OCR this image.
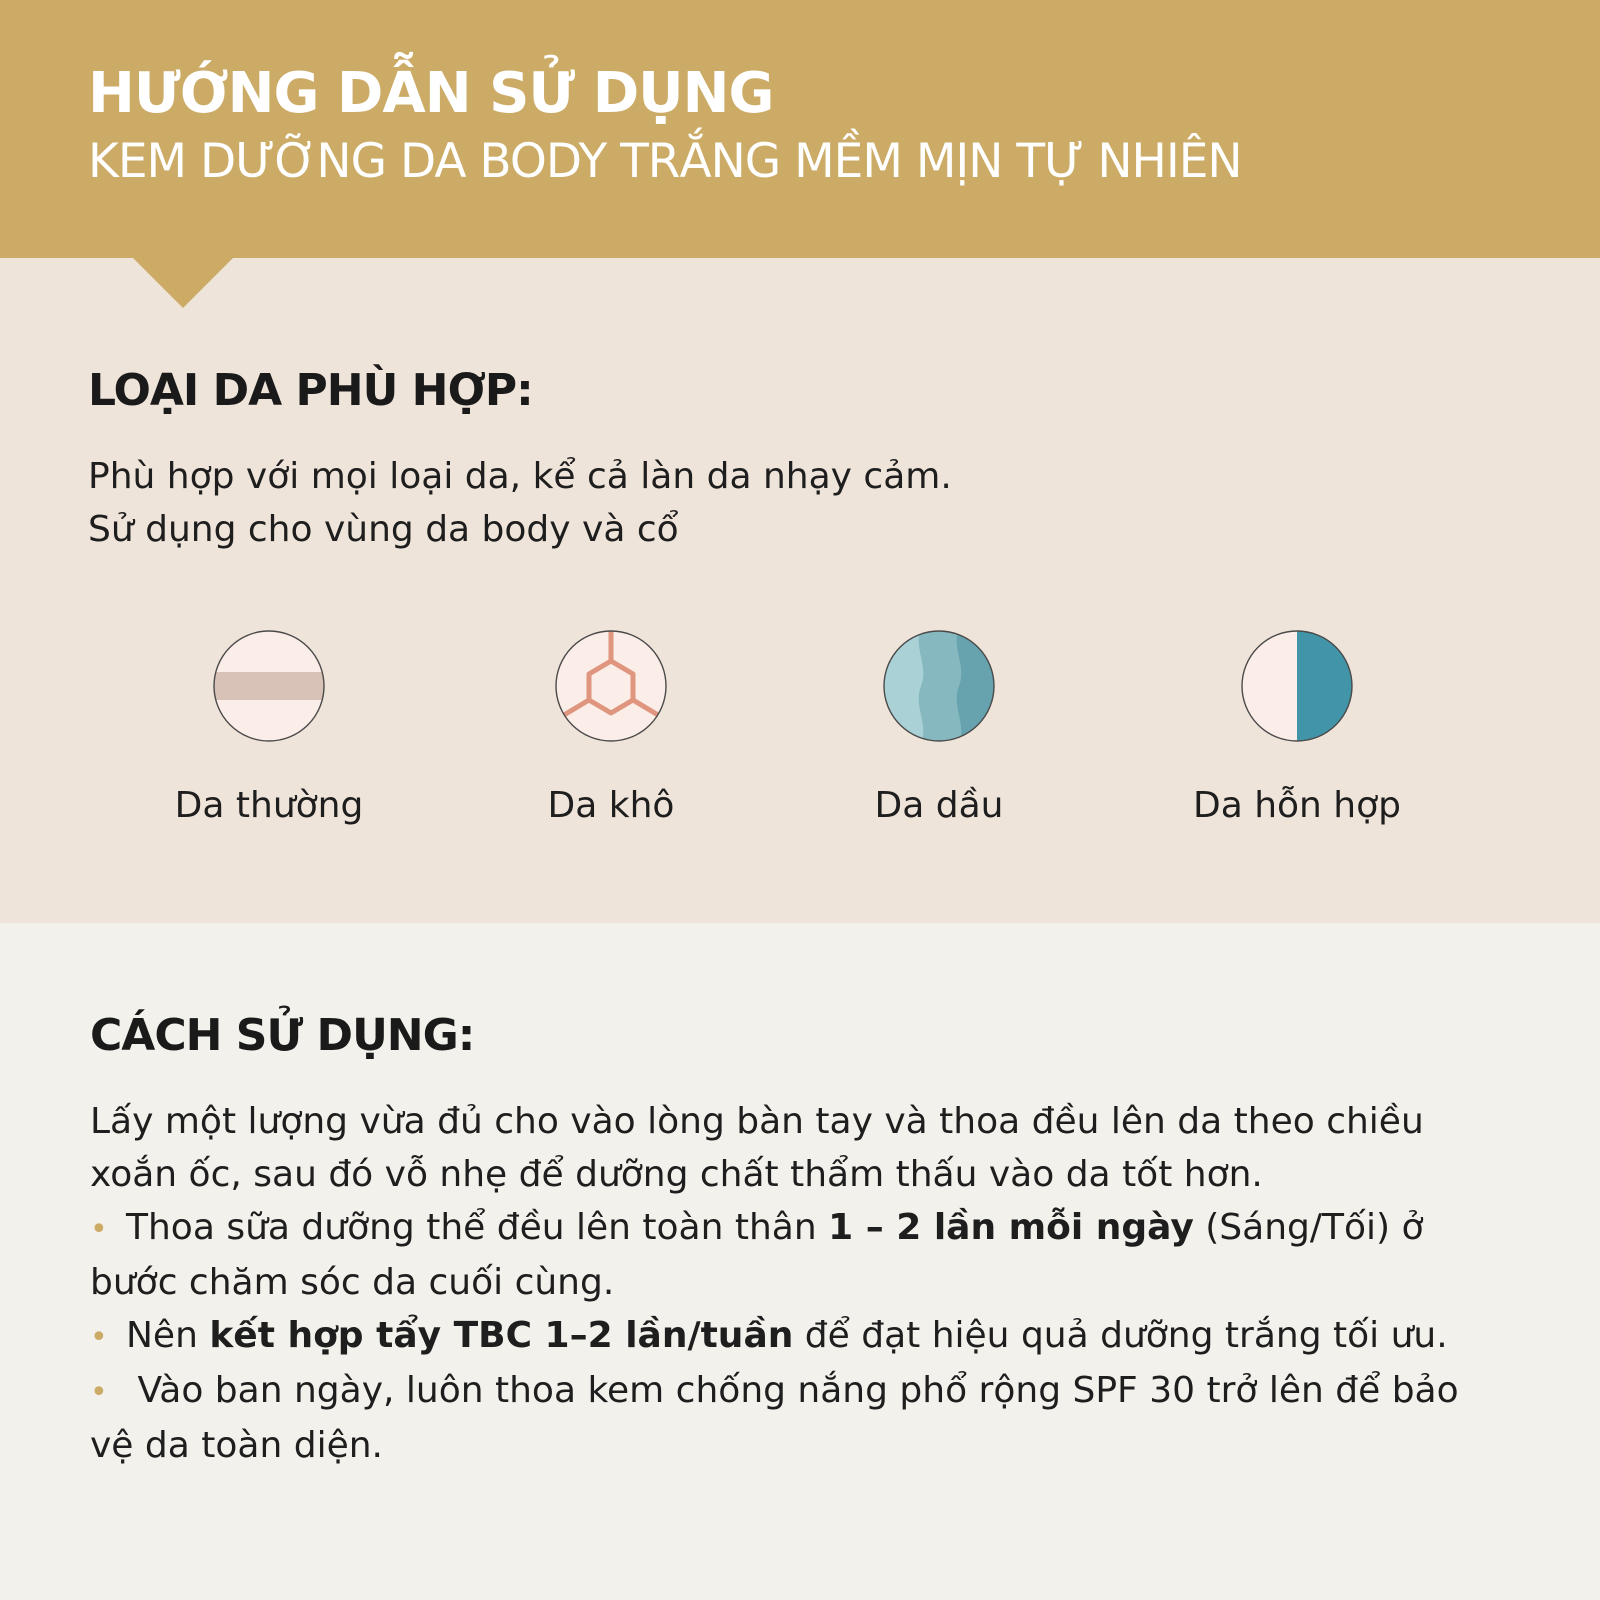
HƯỚNG DẪN SỬ DỤNG
KEM DƯỠNG DA BODY TRẮNG MỀM MỊN TỰ NHIÊN
LOẠI DA PHÙ HỢP:
Phù hợp với mọi loại da, kể cả làn da nhạy cảm.
Sử dụng cho vùng da body và cổ
Da thường	Da khô	Da dầu	Da hỗn hợp
CÁCH SỬ DỤNG:
Lấy một lượng vừa đủ cho vào lòng bàn tay và thoa đều lên da theo chiều xoắn ốc, sau đó vỗ nhẹ để dưỡng chất thẩm thấu vào da tốt hơn.
• Thoa sữa dưỡng thể đều lên toàn thân 1 – 2 lần mỗi ngày (Sáng/Tối) ở bước chăm sóc da cuối cùng.
• Nên kết hợp tẩy TBC 1–2 lần/tuần để đạt hiệu quả dưỡng trắng tối ưu.
• Vào ban ngày, luôn thoa kem chống nắng phổ rộng SPF 30 trở lên để bảo vệ da toàn diện.
